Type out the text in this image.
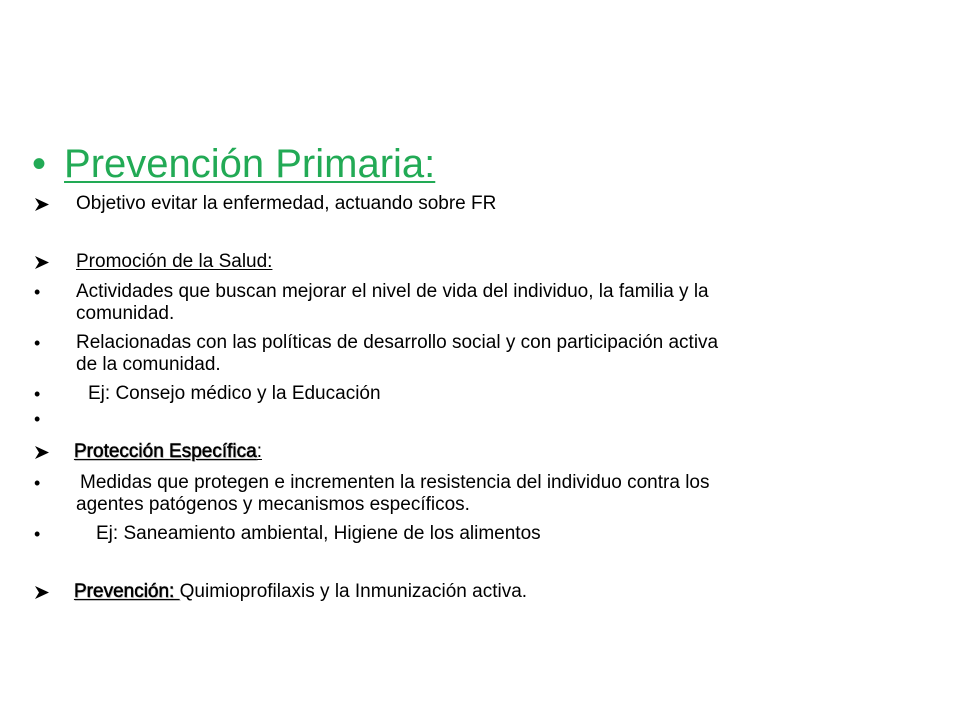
• Prevención Primaria:
Objetivo evitar la enfermedad, actuando sobre FR
Promoción de la Salud:
• Actividades que buscan mejorar el nivel de vida del individuo, la familia y la
comunidad.
• Relacionadas con las políticas de desarrollo social y con participación activa
de la comunidad.
•	Ej: Consejo médico y la Educación
•
Protección Específica:
• Medidas que protegen e incrementen la resistencia del individuo contra los
agentes patógenos y mecanismos específicos.
•	Ej: Saneamiento ambiental, Higiene de los alimentos
Prevención: Quimioprofilaxis y la Inmunización activa.
